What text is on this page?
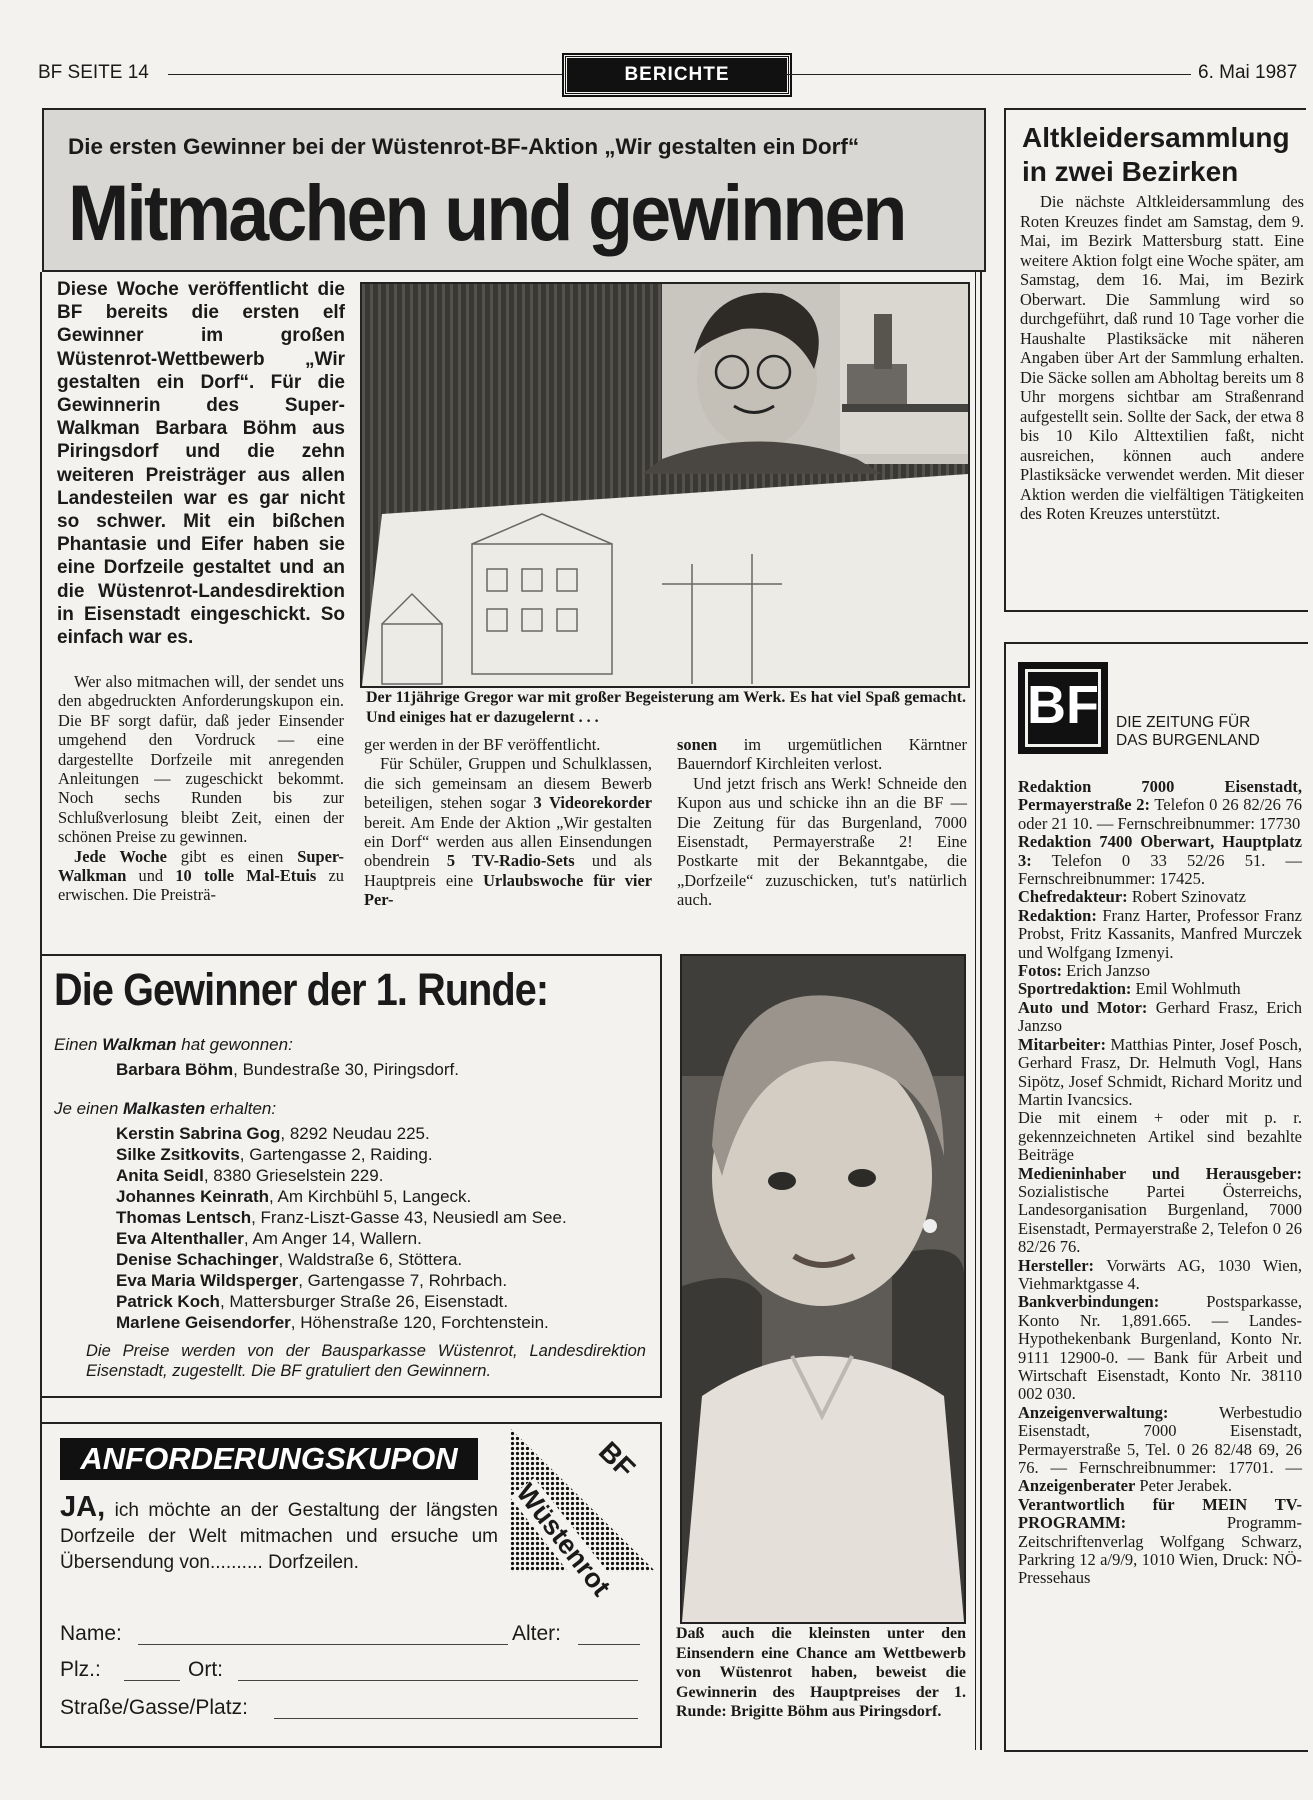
BF SEITE 14	BERICHTE	6. Mai 1987
Die ersten Gewinner bei der Wüstenrot-BF-Aktion „Wir gestalten ein Dorf“
Mitmachen und gewinnen
Diese Woche veröffentlicht die BF bereits die ersten elf Gewinner im großen Wüstenrot-Wettbewerb „Wir gestalten ein Dorf“. Für die Gewinnerin des Super-Walkman Barbara Böhm aus Piringsdorf und die zehn weiteren Preisträger aus allen Landesteilen war es gar nicht so schwer. Mit ein bißchen Phantasie und Eifer haben sie eine Dorfzeile gestaltet und an die Wüstenrot-Landesdirektion in Eisenstadt eingeschickt. So einfach war es.
Der 11jährige Gregor war mit großer Begeisterung am Werk. Es hat viel Spaß gemacht. Und einiges hat er dazugelernt . . .
Wer also mitmachen will, der sendet uns den abgedruckten Anforderungskupon ein. Die BF sorgt dafür, daß jeder Einsender umgehend den Vordruck — eine dargestellte Dorfzeile mit anregenden Anleitungen — zugeschickt bekommt. Noch sechs Runden bis zur Schlußverlosung bleibt Zeit, einen der schönen Preise zu gewinnen.
Jede Woche gibt es einen Super-Walkman und 10 tolle Mal-Etuis zu erwischen. Die Preisträ-
ger werden in der BF veröffentlicht.
Für Schüler, Gruppen und Schulklassen, die sich gemeinsam an diesem Bewerb beteiligen, stehen sogar 3 Videorekorder bereit. Am Ende der Aktion „Wir gestalten ein Dorf“ werden aus allen Einsendungen obendrein 5 TV-Radio-Sets und als Hauptpreis eine Urlaubswoche für vier Per-
sonen im urgemütlichen Kärntner Bauerndorf Kirchleiten verlost.
Und jetzt frisch ans Werk! Schneide den Kupon aus und schicke ihn an die BF — Die Zeitung für das Burgenland, 7000 Eisenstadt, Permayerstraße 2! Eine Postkarte mit der Bekanntgabe, die „Dorfzeile“ zuzuschicken, tut's natürlich auch.
Die Gewinner der 1. Runde:
Einen Walkman hat gewonnen:
Barbara Böhm, Bundestraße 30, Piringsdorf.
Je einen Malkasten erhalten:
Kerstin Sabrina Gog, 8292 Neudau 225.
Silke Zsitkovits, Gartengasse 2, Raiding.
Anita Seidl, 8380 Grieselstein 229.
Johannes Keinrath, Am Kirchbühl 5, Langeck.
Thomas Lentsch, Franz-Liszt-Gasse 43, Neusiedl am See.
Eva Altenthaller, Am Anger 14, Wallern.
Denise Schachinger, Waldstraße 6, Stöttera.
Eva Maria Wildsperger, Gartengasse 7, Rohrbach.
Patrick Koch, Mattersburger Straße 26, Eisenstadt.
Marlene Geisendorfer, Höhenstraße 120, Forchtenstein.
Die Preise werden von der Bausparkasse Wüstenrot, Landesdirektion Eisenstadt, zugestellt. Die BF gratuliert den Gewinnern.
ANFORDERUNGSKUPON
JA, ich möchte an der Gestaltung der längsten Dorfzeile der Welt mitmachen und ersuche um Übersendung von.......... Dorfzeilen.
BF
Wüstenrot
Name:	Alter:
Plz.:	Ort:
Straße/Gasse/Platz:
Daß auch die kleinsten unter den Einsendern eine Chance am Wettbewerb von Wüstenrot haben, beweist die Gewinnerin des Hauptpreises der 1. Runde: Brigitte Böhm aus Piringsdorf.
Altkleidersammlung
in zwei Bezirken
Die nächste Altkleidersammlung des Roten Kreuzes findet am Samstag, dem 9. Mai, im Bezirk Mattersburg statt. Eine weitere Aktion folgt eine Woche später, am Samstag, dem 16. Mai, im Bezirk Oberwart. Die Sammlung wird so durchgeführt, daß rund 10 Tage vorher die Haushalte Plastiksäcke mit näheren Angaben über Art der Sammlung erhalten. Die Säcke sollen am Abholtag bereits um 8 Uhr morgens sichtbar am Straßenrand aufgestellt sein. Sollte der Sack, der etwa 8 bis 10 Kilo Alttextilien faßt, nicht ausreichen, können auch andere Plastiksäcke verwendet werden. Mit dieser Aktion werden die vielfältigen Tätigkeiten des Roten Kreuzes unterstützt.
BF	DIE ZEITUNG FÜR
DAS BURGENLAND

Redaktion 7000 Eisenstadt, Permayerstraße 2: Telefon 0 26 82/26 76 oder 21 10. — Fernschreibnummer: 17730

Redaktion 7400 Oberwart, Hauptplatz 3: Telefon 0 33 52/26 51. — Fernschreibnummer: 17425.

Chefredakteur: Robert Szinovatz

Redaktion: Franz Harter, Professor Franz Probst, Fritz Kassanits, Manfred Murczek und Wolfgang Izmenyi.

Fotos: Erich Janzso

Sportredaktion: Emil Wohlmuth

Auto und Motor: Gerhard Frasz, Erich Janzso

Mitarbeiter: Matthias Pinter, Josef Posch, Gerhard Frasz, Dr. Helmuth Vogl, Hans Sipötz, Josef Schmidt, Richard Moritz und Martin Ivancsics.

Die mit einem + oder mit p. r. gekennzeichneten Artikel sind bezahlte Beiträge

Medieninhaber und Herausgeber: Sozialistische Partei Österreichs, Landesorganisation Burgenland, 7000 Eisenstadt, Permayerstraße 2, Telefon 0 26 82/26 76.

Hersteller: Vorwärts AG, 1030 Wien, Viehmarktgasse 4.

Bankverbindungen: Postsparkasse, Konto Nr. 1,891.665. — Landes-Hypothekenbank Burgenland, Konto Nr. 9111 12900-0. — Bank für Arbeit und Wirtschaft Eisenstadt, Konto Nr. 38110 002 030.

Anzeigenverwaltung: Werbestudio Eisenstadt, 7000 Eisenstadt, Permayerstraße 5, Tel. 0 26 82/48 69, 26 76. — Fernschreibnummer: 17701. — Anzeigenberater Peter Jerabek.

Verantwortlich für MEIN TV-PROGRAMM: Programm-Zeitschriftenverlag Wolfgang Schwarz, Parkring 12 a/9/9, 1010 Wien, Druck: NÖ-Pressehaus
